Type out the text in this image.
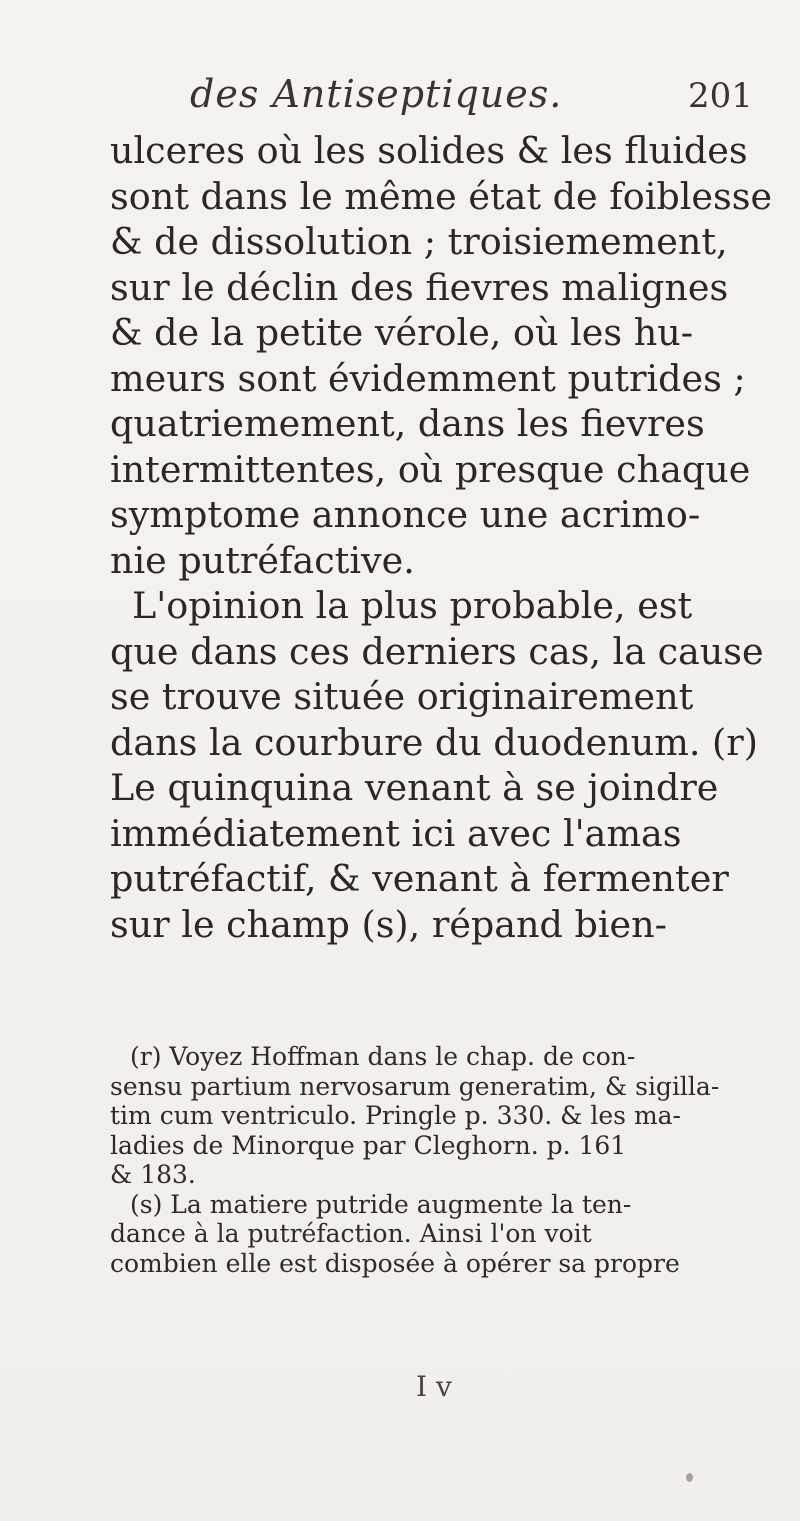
des Antiseptiques.	201
ulceres où les solides & les fluides
sont dans le même état de foiblesse
& de dissolution ; troisiemement,
sur le déclin des fievres malignes
& de la petite vérole, où les hu-
meurs sont évidemment putrides ;
quatriemement, dans les fievres
intermittentes, où presque chaque
symptome annonce une acrimo-
nie putréfactive.
L'opinion la plus probable, est
que dans ces derniers cas, la cause
se trouve située originairement
dans la courbure du duodenum. (r)
Le quinquina venant à se joindre
immédiatement ici avec l'amas
putréfactif, & venant à fermenter
sur le champ (s), répand bien-
(r) Voyez Hoffman dans le chap. de con-
sensu partium nervosarum generatim, & sigilla-
tim cum ventriculo. Pringle p. 330. & les ma-
ladies de Minorque par Cleghorn. p. 161
& 183.
(s) La matiere putride augmente la ten-
dance à la putréfaction. Ainsi l'on voit
combien elle est disposée à opérer sa propre
I v
